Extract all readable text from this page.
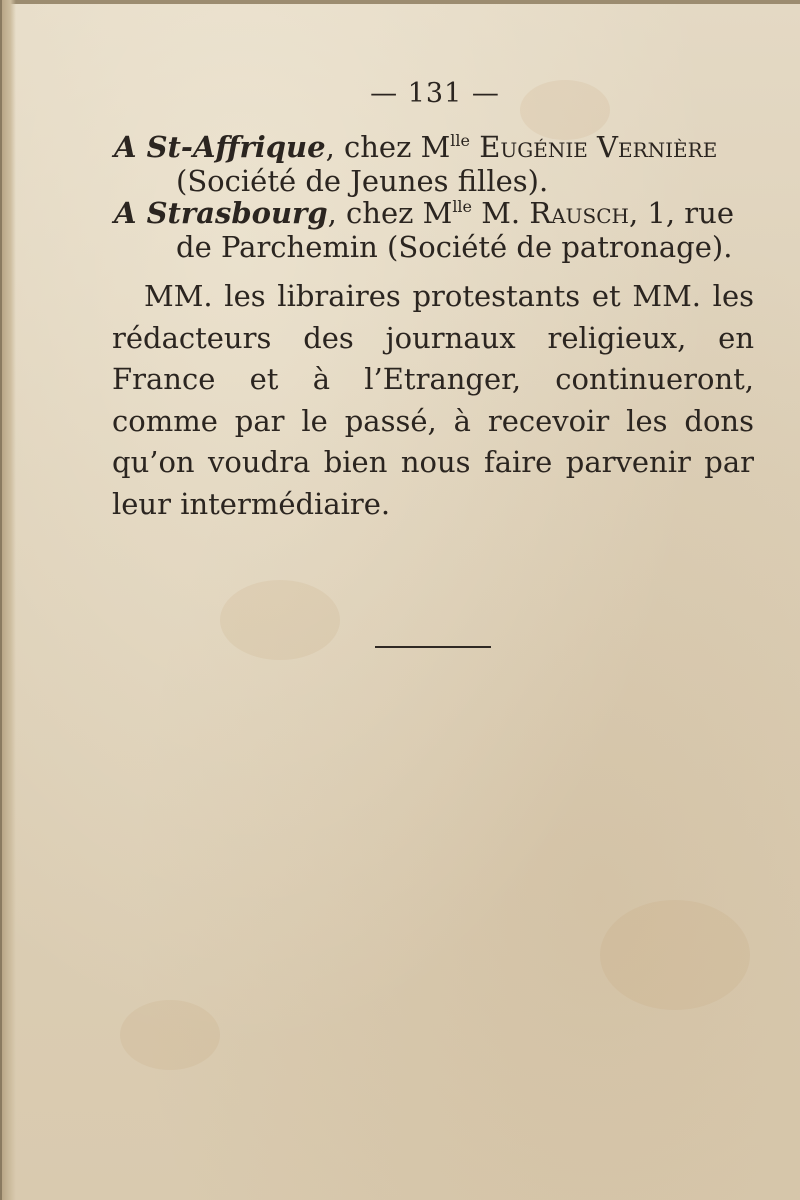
— 131 —
A St-Affrique, chez $M^{lle}$ Eugénie Vernière
(Société de Jeunes filles).
A Strasbourg, chez $M^{lle}$ M. Rausch, 1, rue
de Parchemin (Société de patronage).
MM. les libraires protestants et MM. les rédacteurs des journaux religieux, en France et à l’Etranger, continueront, comme par le passé, à recevoir les dons qu’on voudra bien nous faire parvenir par leur intermédiaire.
